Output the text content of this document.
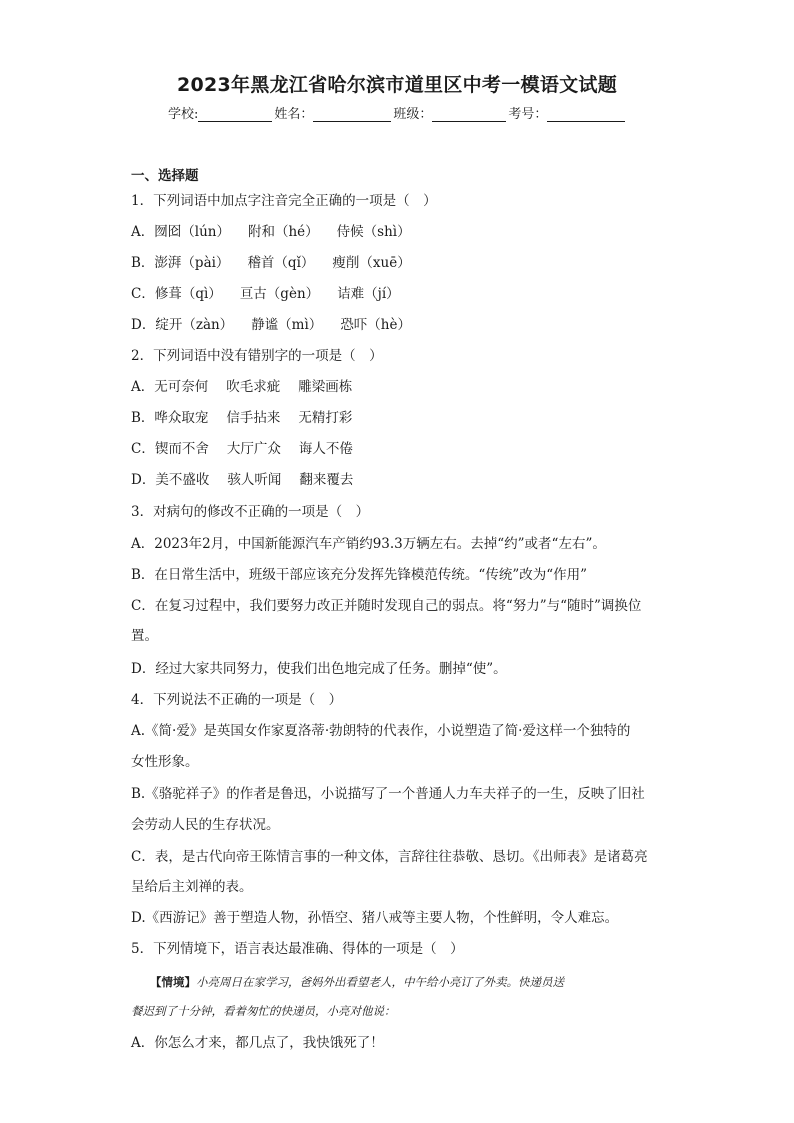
2023年黑龙江省哈尔滨市道里区中考一模语文试题
学校:	姓名：	班级：	考号：
一、选择题
1．下列词语中加点字注音完全正确的一项是（　）
A．囫囵（lún） 附和（hé） 侍候（shì）
B．澎湃（pài） 稽首（qǐ） 瘦削（xuē）
C．修葺（qì） 亘古（gèn） 诘难（jí）
D．绽开（zàn） 静谧（mì） 恐吓（hè）
2．下列词语中没有错别字的一项是（　）
A．无可奈何 吹毛求疵 雕梁画栋
B．哗众取宠 信手拈来 无精打彩
C．锲而不舍 大厅广众 诲人不倦
D．美不盛收 骇人听闻 翻来覆去
3．对病句的修改不正确的一项是（　）
A．2023年2月，中国新能源汽车产销约93.3万辆左右。去掉“约”或者“左右”。
B．在日常生活中，班级干部应该充分发挥先锋模范传统。“传统”改为“作用”
C．在复习过程中，我们要努力改正并随时发现自己的弱点。将“努力”与“随时”调换位
置。
D．经过大家共同努力，使我们出色地完成了任务。删掉“使”。
4．下列说法不正确的一项是（　）
A.《简·爱》是英国女作家夏洛蒂·勃朗特的代表作，小说塑造了简·爱这样一个独特的
女性形象。
B.《骆驼祥子》的作者是鲁迅，小说描写了一个普通人力车夫祥子的一生，反映了旧社
会劳动人民的生存状况。
C．表，是古代向帝王陈情言事的一种文体，言辞往往恭敬、恳切。《出师表》是诸葛亮
呈给后主刘禅的表。
D.《西游记》善于塑造人物，孙悟空、猪八戒等主要人物，个性鲜明，令人难忘。
5．下列情境下，语言表达最准确、得体的一项是（　）
【情境】小亮周日在家学习，爸妈外出看望老人，中午给小亮订了外卖。快递员送
餐迟到了十分钟，看着匆忙的快递员，小亮对他说：
A．你怎么才来，都几点了，我快饿死了！
